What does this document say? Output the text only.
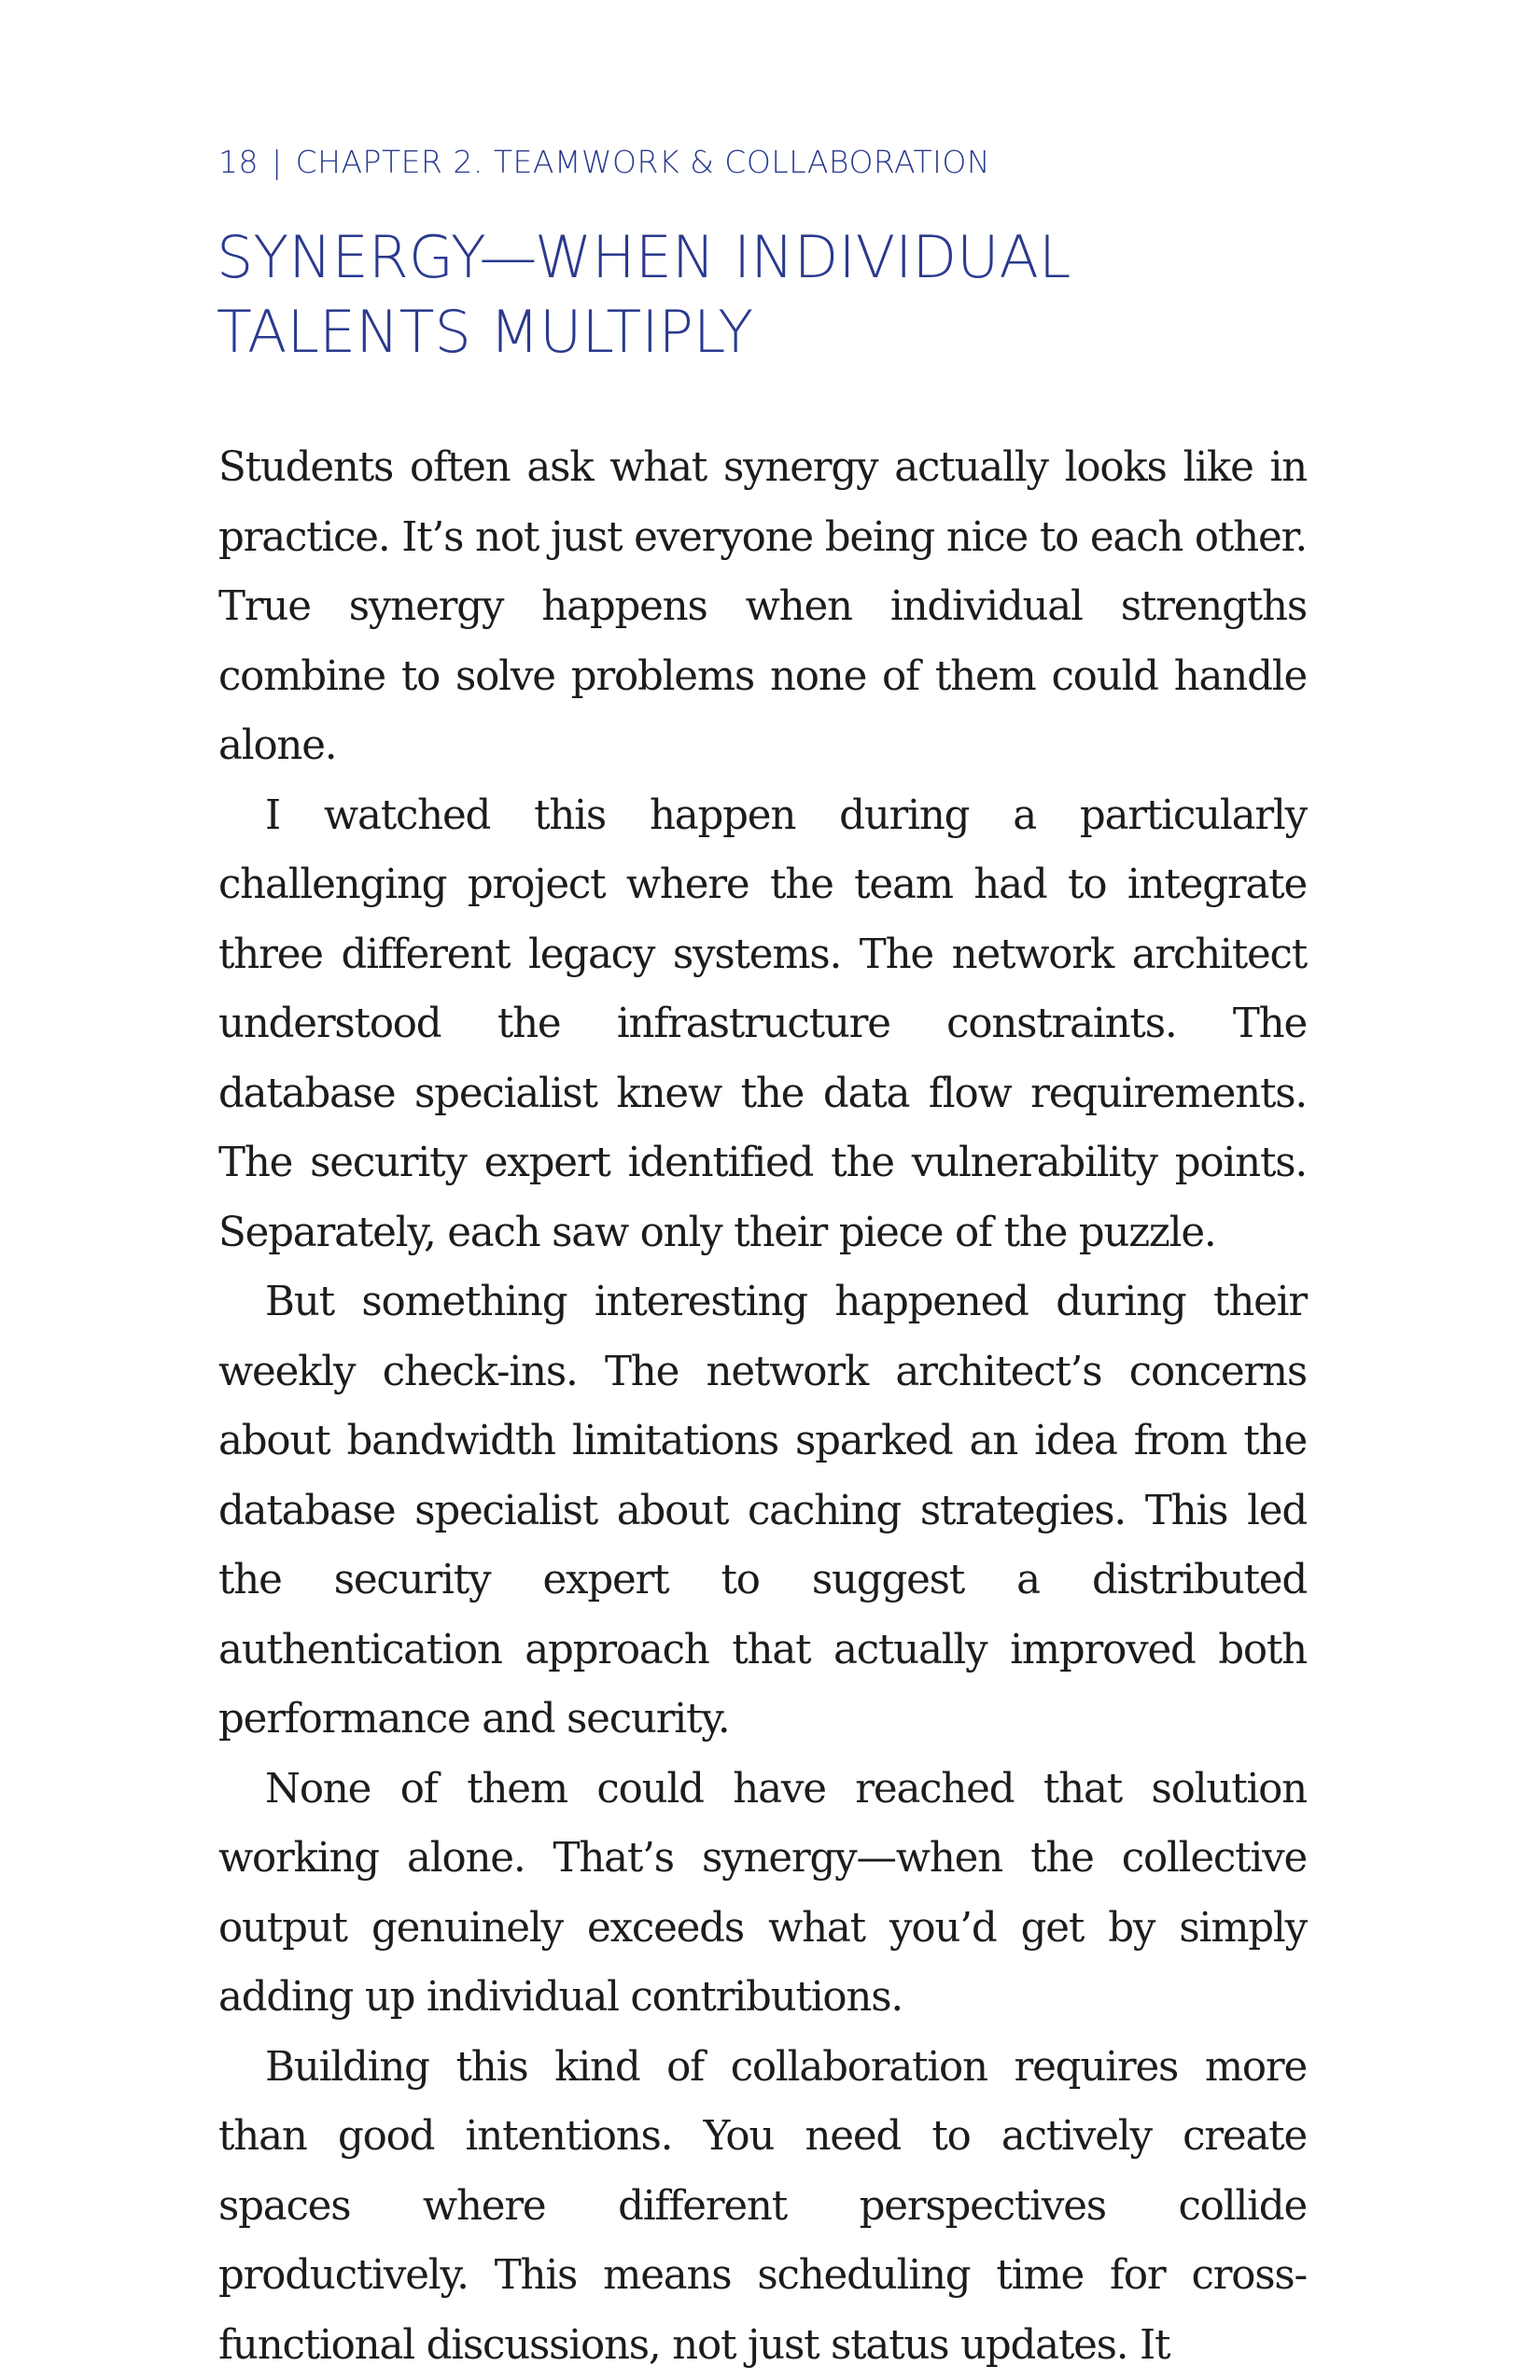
18 | CHAPTER 2. TEAMWORK & COLLABORATION
SYNERGY—WHEN INDIVIDUAL TALENTS MULTIPLY

Students often ask what synergy actually looks like in practice. It’s not just everyone being nice to each other. True synergy happens when individual strengths combine to solve problems none of them could handle alone.

I watched this happen during a particularly challenging project where the team had to integrate three different legacy systems. The network architect understood the infrastructure constraints. The database specialist knew the data flow requirements. The security expert identified the vulnerability points. Separately, each saw only their piece of the puzzle.

But something interesting happened during their weekly check-ins. The network architect’s concerns about bandwidth limitations sparked an idea from the database specialist about caching strategies. This led the security expert to suggest a distributed authentication approach that actually improved both performance and security.

None of them could have reached that solution working alone. That’s synergy—when the collective output genuinely exceeds what you’d get by simply adding up individual contributions.

Building this kind of collaboration requires more than good intentions. You need to actively create spaces where different perspectives collide productively. This means scheduling time for cross-functional discussions, not just status updates. It
